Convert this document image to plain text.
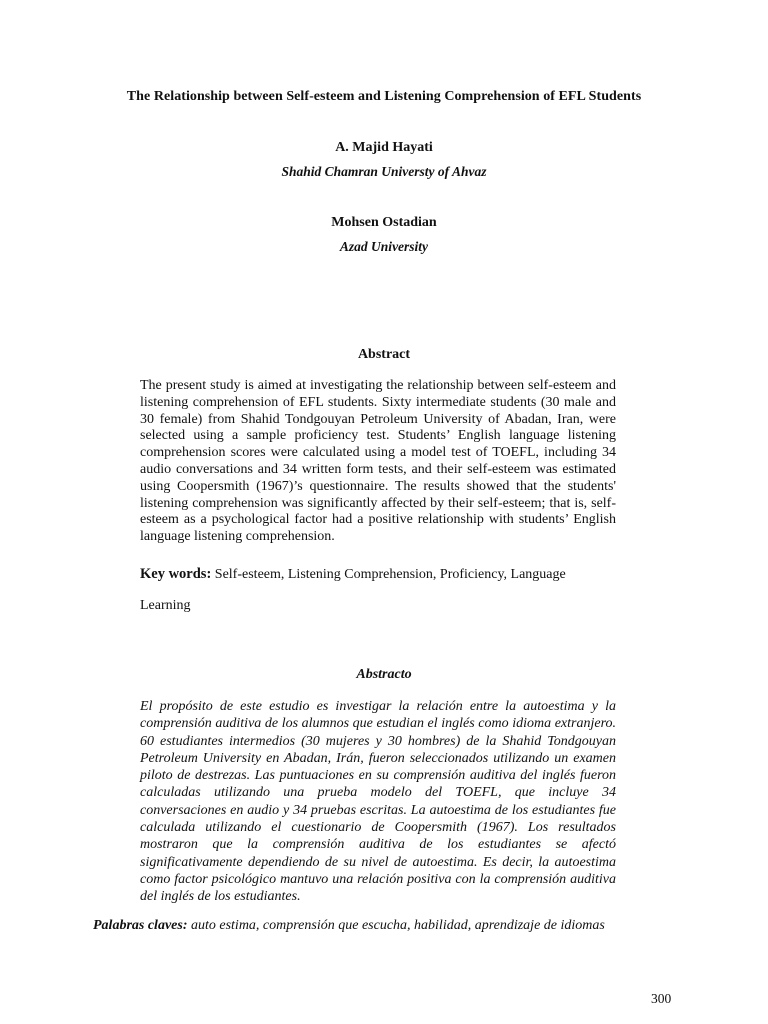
The Relationship between Self-esteem and Listening Comprehension of EFL Students
A. Majid Hayati
Shahid Chamran Universty of Ahvaz
Mohsen Ostadian
Azad University
Abstract

The present study is aimed at investigating the relationship between self-esteem and listening comprehension of EFL students. Sixty intermediate students (30 male and 30 female) from Shahid Tondgouyan Petroleum University of Abadan, Iran, were selected using a sample proficiency test. Students’ English language listening comprehension scores were calculated using a model test of TOEFL, including 34 audio conversations and 34 written form tests, and their self-esteem was estimated using Coopersmith (1967)’s questionnaire. The results showed that the students' listening comprehension was significantly affected by their self-esteem; that is, self-esteem as a psychological factor had a positive relationship with students’ English language listening comprehension.

Key words: Self-esteem, Listening Comprehension, Proficiency, Language

Learning

Abstracto

El propósito de este estudio es investigar la relación entre la autoestima y la comprensión auditiva de los alumnos que estudian el inglés como idioma extranjero. 60 estudiantes intermedios (30 mujeres y 30 hombres) de la Shahid Tondgouyan Petroleum University en Abadan, Irán, fueron seleccionados utilizando un examen piloto de destrezas. Las puntuaciones en su comprensión auditiva del inglés fueron calculadas utilizando una prueba modelo del TOEFL, que incluye 34 conversaciones en audio y 34 pruebas escritas. La autoestima de los estudiantes fue calculada utilizando el cuestionario de Coopersmith (1967). Los resultados mostraron que la comprensión auditiva de los estudiantes se afectó significativamente dependiendo de su nivel de autoestima. Es decir, la autoestima como factor psicológico mantuvo una relación positiva con la comprensión auditiva del inglés de los estudiantes.

Palabras claves: auto estima, comprensión que escucha, habilidad, aprendizaje de idiomas

300
